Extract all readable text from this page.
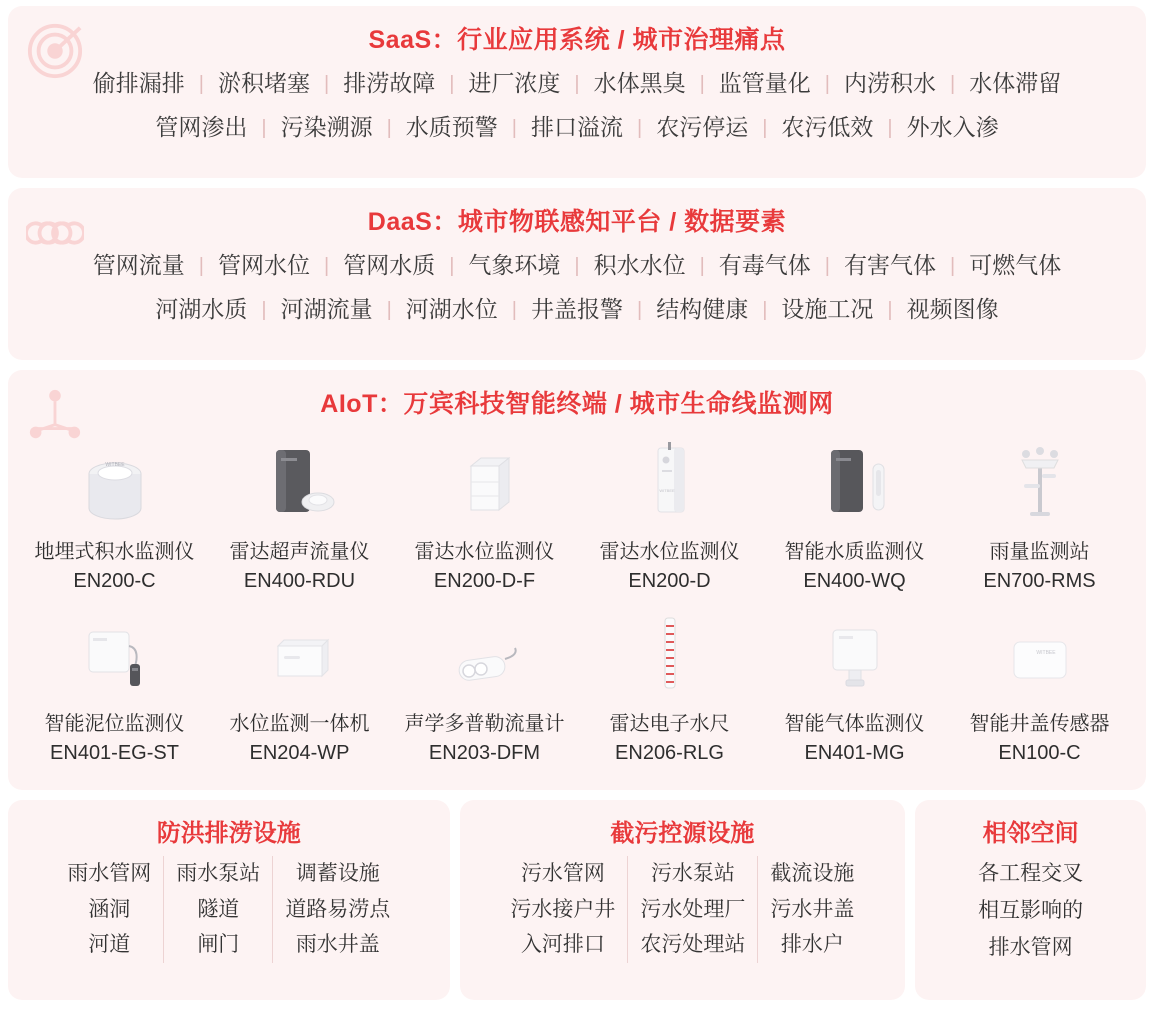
SaaS：行业应用系统 / 城市治理痛点
偷排漏排 | 淤积堵塞 | 排涝故障 | 进厂浓度 | 水体黑臭 | 监管量化 | 内涝积水 | 水体滞留
管网渗出 | 污染溯源 | 水质预警 | 排口溢流 | 农污停运 | 农污低效 | 外水入渗
DaaS：城市物联感知平台 / 数据要素
管网流量 | 管网水位 | 管网水质 | 气象环境 | 积水水位 | 有毒气体 | 有害气体 | 可燃气体
河湖水质 | 河湖流量 | 河湖水位 | 井盖报警 | 结构健康 | 设施工况 | 视频图像
AIoT：万宾科技智能终端 / 城市生命线监测网
WITBEE
地埋式积水监测仪
EN200-C
雷达超声流量仪
EN400-RDU
雷达水位监测仪
EN200-D-F
WITBEE
雷达水位监测仪
EN200-D
智能水质监测仪
EN400-WQ
雨量监测站
EN700-RMS
智能泥位监测仪
EN401-EG-ST
水位监测一体机
EN204-WP
声学多普勒流量计
EN203-DFM
雷达电子水尺
EN206-RLG
智能气体监测仪
EN401-MG
WITBEE
智能井盖传感器
EN100-C
防洪排涝设施
雨水管网
涵洞
河道
雨水泵站
隧道
闸门
调蓄设施
道路易涝点
雨水井盖
截污控源设施
污水管网
污水接户井
入河排口
污水泵站
污水处理厂
农污处理站
截流设施
污水井盖
排水户
相邻空间
各工程交叉
相互影响的
排水管网
